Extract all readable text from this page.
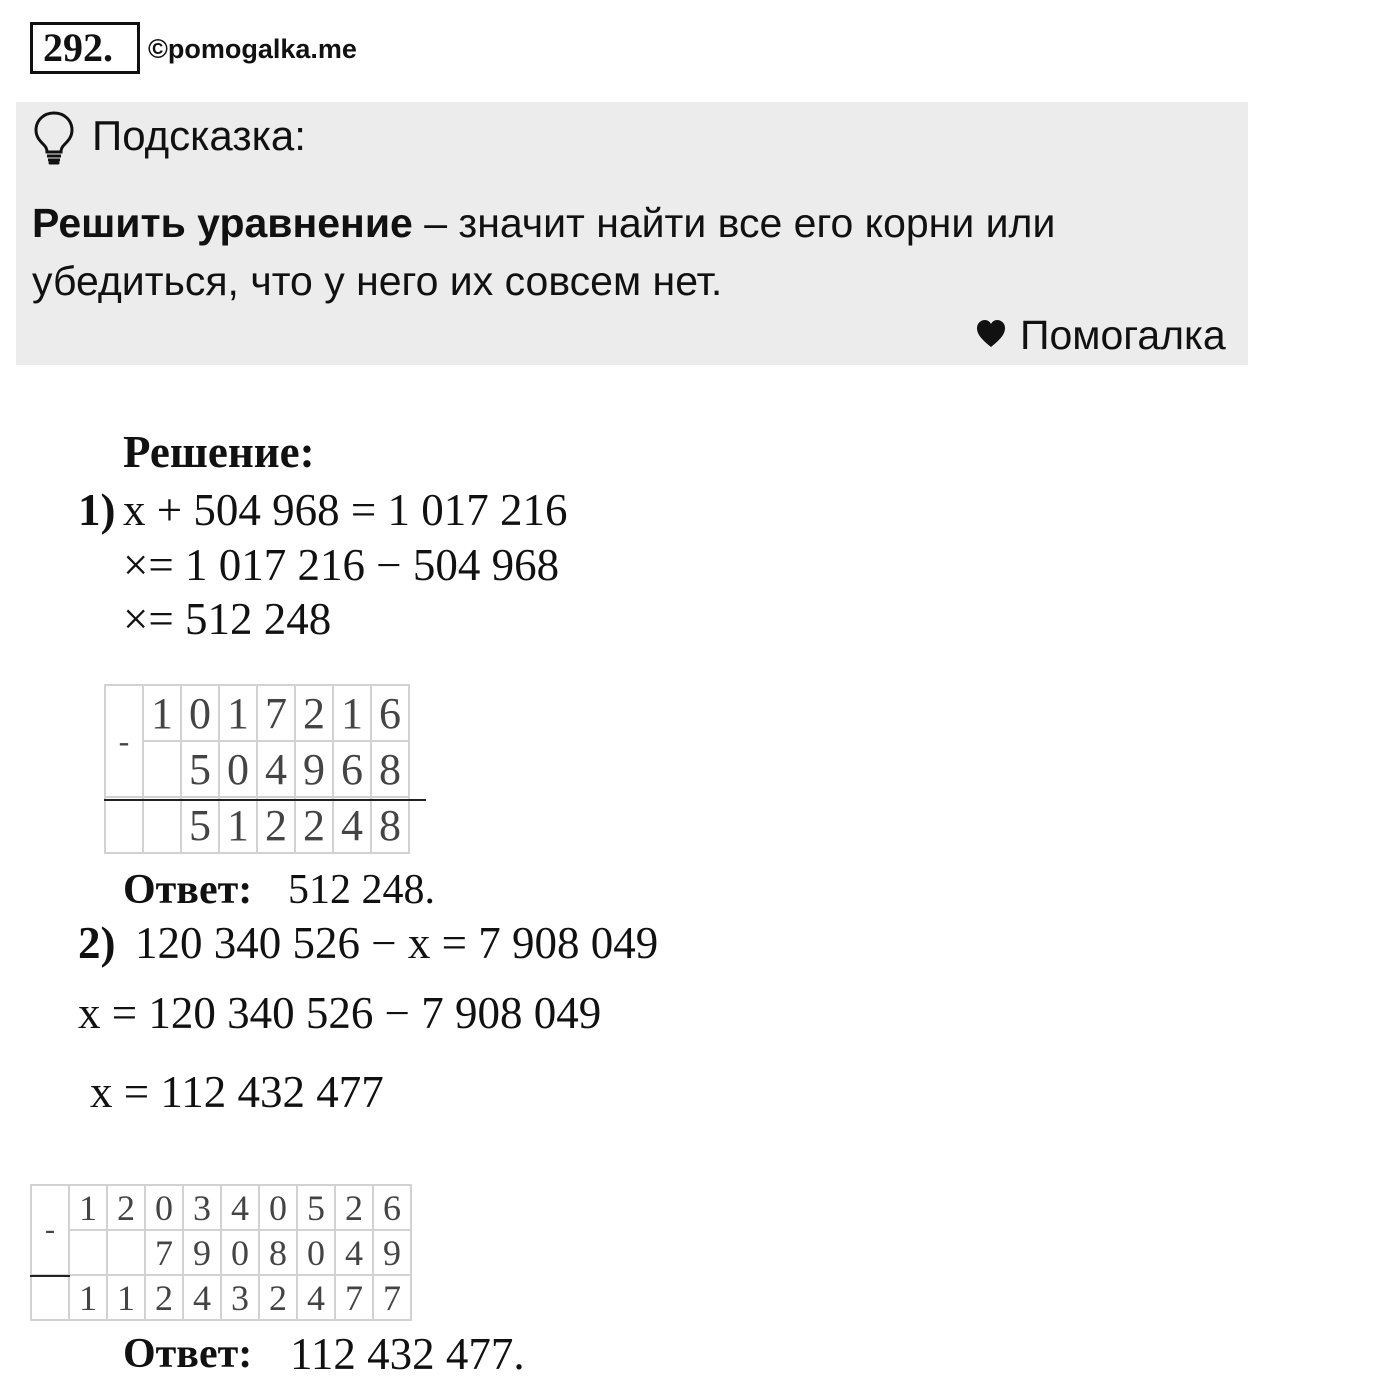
292.	©pomogalka.me
Подсказка:
Решить уравнение – значит найти все его корни или
убедиться, что у него их совсем нет.
Помогалка
Решение:
1) x + 504 968 = 1 017 216
×= 1 017 216 − 504 968
×= 512 248
-	1	0	1	7	2	1	6
		5	0	4	9	6	8
		5	1	2	2	4	8
Ответ: 512 248.
2) 120 340 526 − x = 7 908 049
x = 120 340 526 − 7 908 049
x = 112 432 477
-	1	2	0	3	4	0	5	2	6
			7	9	0	8	0	4	9
	1	1	2	4	3	2	4	7	7
Ответ: 112 432 477.
